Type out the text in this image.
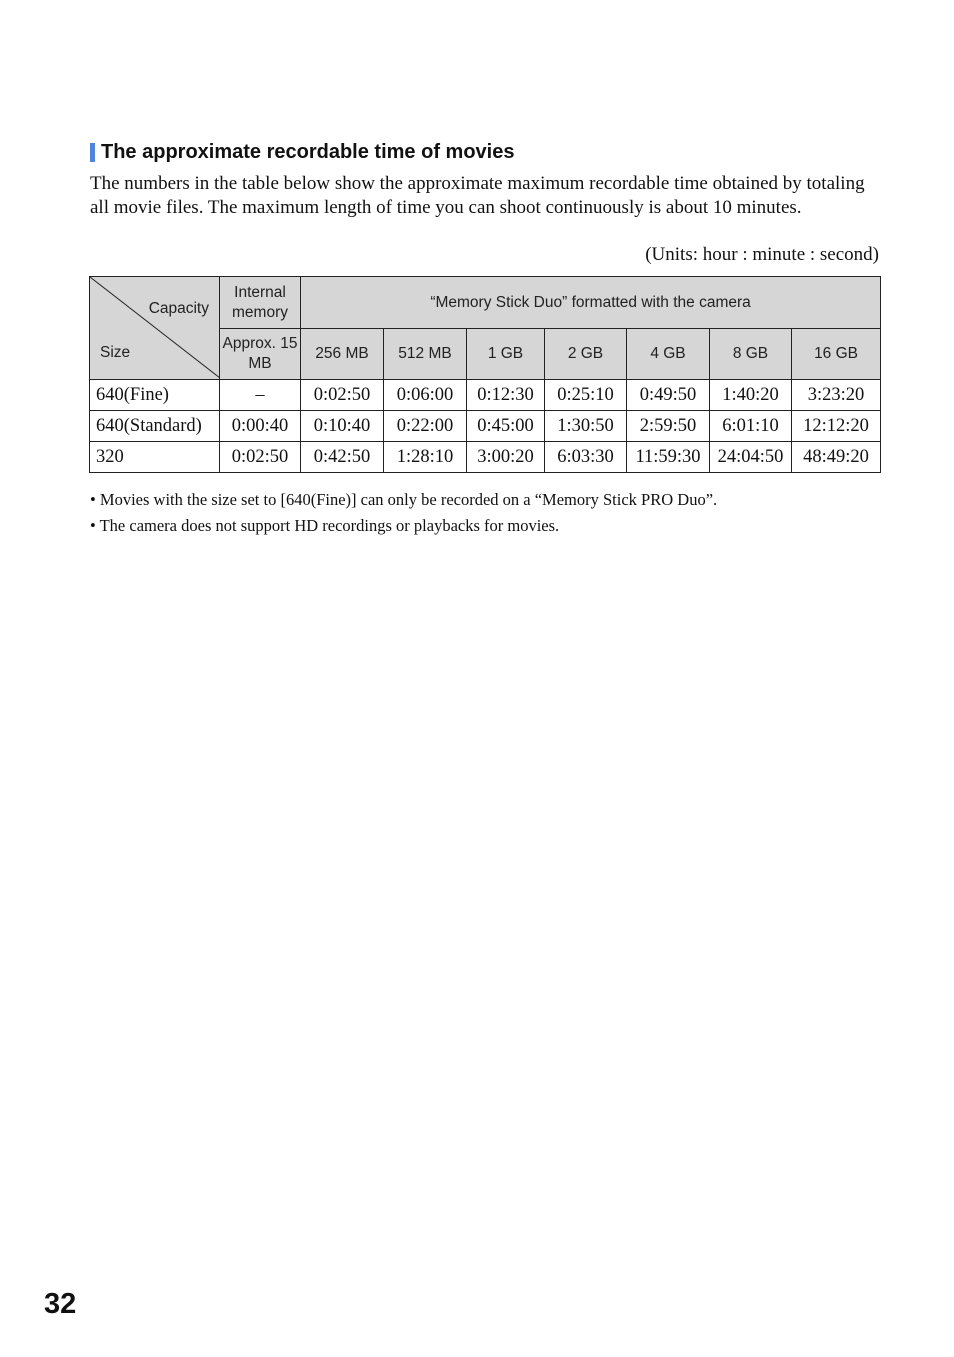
The approximate recordable time of movies

The numbers in the table below show the approximate maximum recordable time obtained by totaling all movie files. The maximum length of time you can shoot continuously is about 10 minutes.

(Units: hour : minute : second)
Capacity
Size	Internal memory	“Memory Stick Duo” formatted with the camera						
	Approx. 15 MB	256 MB	512 MB	1 GB	2 GB	4 GB	8 GB	16 GB
640(Fine)	–	0:02:50	0:06:00	0:12:30	0:25:10	0:49:50	1:40:20	3:23:20
640(Standard)	0:00:40	0:10:40	0:22:00	0:45:00	1:30:50	2:59:50	6:01:10	12:12:20
320	0:02:50	0:42:50	1:28:10	3:00:20	6:03:30	11:59:30	24:04:50	48:49:20
• Movies with the size set to [640(Fine)] can only be recorded on a “Memory Stick PRO Duo”.
• The camera does not support HD recordings or playbacks for movies.
32
